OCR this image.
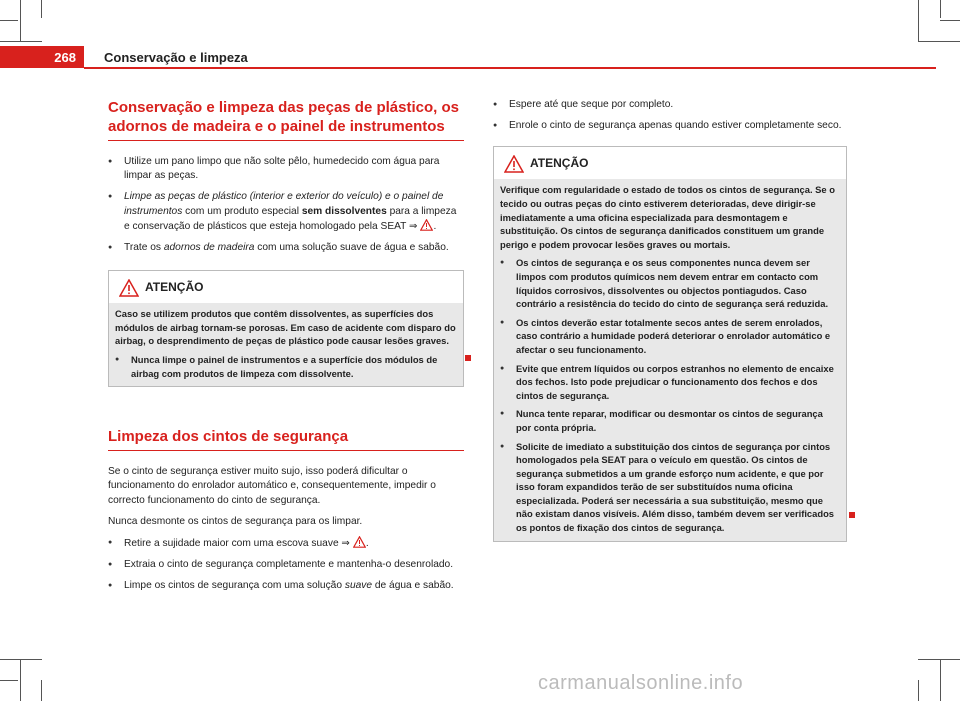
268 Conservação e limpeza
Conservação e limpeza das peças de plástico, os adornos de madeira e o painel de instrumentos

● Utilize um pano limpo que não solte pêlo, humedecido com água para limpar as peças.

● Limpe as peças de plástico (interior e exterior do veículo) e o painel de instrumentos com um produto especial sem dissolventes para a limpeza e conservação de plásticos que esteja homologado pela SEAT ⇒ .

● Trate os adornos de madeira com uma solução suave de água e sabão.

ATENÇÃO

Caso se utilizem produtos que contêm dissolventes, as superfícies dos módulos de airbag tornam-se porosas. Em caso de acidente com disparo do airbag, o desprendimento de peças de plástico pode causar lesões graves.

● Nunca limpe o painel de instrumentos e a superfície dos módulos de airbag com produtos de limpeza com dissolvente.

Limpeza dos cintos de segurança

Se o cinto de segurança estiver muito sujo, isso poderá dificultar o funcionamento do enrolador automático e, consequentemente, impedir o correcto funcionamento do cinto de segurança.

Nunca desmonte os cintos de segurança para os limpar.

● Retire a sujidade maior com uma escova suave ⇒ .

● Extraia o cinto de segurança completamente e mantenha-o desenrolado.

● Limpe os cintos de segurança com uma solução suave de água e sabão.

● Espere até que seque por completo.

● Enrole o cinto de segurança apenas quando estiver completamente seco.

ATENÇÃO

Verifique com regularidade o estado de todos os cintos de segurança. Se o tecido ou outras peças do cinto estiverem deterioradas, deve dirigir-se imediatamente a uma oficina especializada para desmontagem e substituição. Os cintos de segurança danificados constituem um grande perigo e podem provocar lesões graves ou mortais.

● Os cintos de segurança e os seus componentes nunca devem ser limpos com produtos químicos nem devem entrar em contacto com líquidos corrosivos, dissolventes ou objectos pontiagudos. Caso contrário a resistência do tecido do cinto de segurança será reduzida.

● Os cintos deverão estar totalmente secos antes de serem enrolados, caso contrário a humidade poderá deteriorar o enrolador automático e afectar o seu funcionamento.

● Evite que entrem líquidos ou corpos estranhos no elemento de encaixe dos fechos. Isto pode prejudicar o funcionamento dos fechos e dos cintos de segurança.

● Nunca tente reparar, modificar ou desmontar os cintos de segurança por conta própria.

● Solicite de imediato a substituição dos cintos de segurança por cintos homologados pela SEAT para o veículo em questão. Os cintos de segurança submetidos a um grande esforço num acidente, e que por isso foram expandidos terão de ser substituídos numa oficina especializada. Poderá ser necessária a sua substituição, mesmo que não existam danos visíveis. Além disso, também devem ser verificados os pontos de fixação dos cintos de segurança.

carmanualsonline.info
